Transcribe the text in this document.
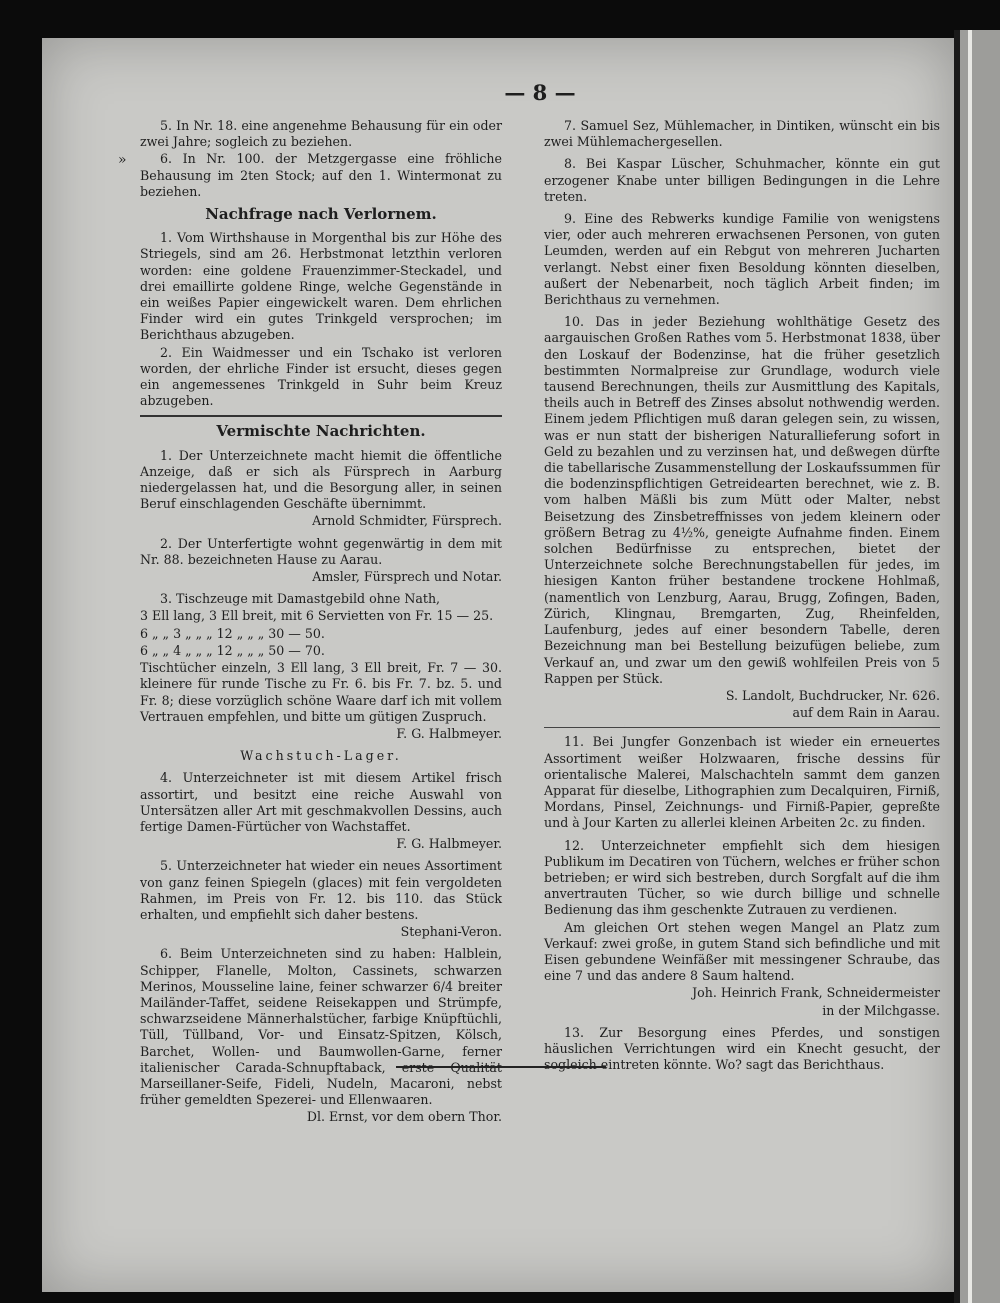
— 8 —
»

5. In Nr. 18. eine angenehme Behausung für ein oder zwei Jahre; sogleich zu beziehen.

6. In Nr. 100. der Metzgergasse eine fröhliche Behausung im 2ten Stock; auf den 1. Wintermonat zu beziehen.

Nachfrage nach Verlornem.

1. Vom Wirthshause in Morgenthal bis zur Höhe des Striegels, sind am 26. Herbstmonat letzthin verloren worden: eine goldene Frauenzimmer-Steckadel, und drei emaillirte goldene Ringe, welche Gegenstände in ein weißes Papier eingewickelt waren. Dem ehrlichen Finder wird ein gutes Trinkgeld versprochen; im Berichthaus abzugeben.

2. Ein Waidmesser und ein Tschako ist verloren worden, der ehrliche Finder ist ersucht, dieses gegen ein angemessenes Trinkgeld in Suhr beim Kreuz abzugeben.

Vermischte Nachrichten.

1. Der Unterzeichnete macht hiemit die öffentliche Anzeige, daß er sich als Fürsprech in Aarburg niedergelassen hat, und die Besorgung aller, in seinen Beruf einschlagenden Geschäfte übernimmt.

Arnold Schmidter, Fürsprech.

2. Der Unterfertigte wohnt gegenwärtig in dem mit Nr. 88. bezeichneten Hause zu Aarau.

Amsler, Fürsprech und Notar.

3. Tischzeuge mit Damastgebild ohne Nath,

3 Ell lang, 3 Ell breit, mit 6 Servietten von Fr. 15 — 25.

6 „ „ 3 „ „ „ 12 „ „ „ 30 — 50.

6 „ „ 4 „ „ „ 12 „ „ „ 50 — 70.

Tischtücher einzeln, 3 Ell lang, 3 Ell breit, Fr. 7 — 30. kleinere für runde Tische zu Fr. 6. bis Fr. 7. bz. 5. und Fr. 8; diese vorzüglich schöne Waare darf ich mit vollem Vertrauen empfehlen, und bitte um gütigen Zuspruch.

F. G. Halbmeyer.

Wachstuch-Lager.

4. Unterzeichneter ist mit diesem Artikel frisch assortirt, und besitzt eine reiche Auswahl von Untersätzen aller Art mit geschmakvollen Dessins, auch fertige Damen-Fürtücher von Wachstaffet.

F. G. Halbmeyer.

5. Unterzeichneter hat wieder ein neues Assortiment von ganz feinen Spiegeln (glaces) mit fein vergoldeten Rahmen, im Preis von Fr. 12. bis 110. das Stück erhalten, und empfiehlt sich daher bestens.

Stephani-Veron.

6. Beim Unterzeichneten sind zu haben: Halblein, Schipper, Flanelle, Molton, Cassinets, schwarzen Merinos, Mousseline laine, feiner schwarzer 6/4 breiter Mailänder-Taffet, seidene Reisekappen und Strümpfe, schwarzseidene Männerhalstücher, farbige Knüpftüchli, Tüll, Tüllband, Vor- und Einsatz-Spitzen, Kölsch, Barchet, Wollen- und Baumwollen-Garne, ferner italienischer Carada-Schnupftaback, erste Qualität Marseillaner-Seife, Fideli, Nudeln, Macaroni, nebst früher gemeldten Spezerei- und Ellenwaaren.

Dl. Ernst, vor dem obern Thor.

7. Samuel Sez, Mühlemacher, in Dintiken, wünscht ein bis zwei Mühlemachergesellen.

8. Bei Kaspar Lüscher, Schuhmacher, könnte ein gut erzogener Knabe unter billigen Bedingungen in die Lehre treten.

9. Eine des Rebwerks kundige Familie von wenigstens vier, oder auch mehreren erwachsenen Personen, von guten Leumden, werden auf ein Rebgut von mehreren Jucharten verlangt. Nebst einer fixen Besoldung könnten dieselben, außert der Nebenarbeit, noch täglich Arbeit finden; im Berichthaus zu vernehmen.

10. Das in jeder Beziehung wohlthätige Gesetz des aargauischen Großen Rathes vom 5. Herbstmonat 1838, über den Loskauf der Bodenzinse, hat die früher gesetzlich bestimmten Normalpreise zur Grundlage, wodurch viele tausend Berechnungen, theils zur Ausmittlung des Kapitals, theils auch in Betreff des Zinses absolut nothwendig werden. Einem jedem Pflichtigen muß daran gelegen sein, zu wissen, was er nun statt der bisherigen Naturallieferung sofort in Geld zu bezahlen und zu verzinsen hat, und deßwegen dürfte die tabellarische Zusammenstellung der Loskaufssummen für die bodenzinspflichtigen Getreidearten berechnet, wie z. B. vom halben Mäßli bis zum Mütt oder Malter, nebst Beisetzung des Zinsbetreffnisses von jedem kleinern oder größern Betrag zu 4½%, geneigte Aufnahme finden. Einem solchen Bedürfnisse zu entsprechen, bietet der Unterzeichnete solche Berechnungstabellen für jedes, im hiesigen Kanton früher bestandene trockene Hohlmaß, (namentlich von Lenzburg, Aarau, Brugg, Zofingen, Baden, Zürich, Klingnau, Bremgarten, Zug, Rheinfelden, Laufenburg, jedes auf einer besondern Tabelle, deren Bezeichnung man bei Bestellung beizufügen beliebe, zum Verkauf an, und zwar um den gewiß wohlfeilen Preis von 5 Rappen per Stück.

S. Landolt, Buchdrucker, Nr. 626.

auf dem Rain in Aarau.

11. Bei Jungfer Gonzenbach ist wieder ein erneuertes Assortiment weißer Holzwaaren, frische dessins für orientalische Malerei, Malschachteln sammt dem ganzen Apparat für dieselbe, Lithographien zum Decalquiren, Firniß, Mordans, Pinsel, Zeichnungs- und Firniß-Papier, gepreßte und à Jour Karten zu allerlei kleinen Arbeiten 2c. zu finden.

12. Unterzeichneter empfiehlt sich dem hiesigen Publikum im Decatiren von Tüchern, welches er früher schon betrieben; er wird sich bestreben, durch Sorgfalt auf die ihm anvertrauten Tücher, so wie durch billige und schnelle Bedienung das ihm geschenkte Zutrauen zu verdienen.

Am gleichen Ort stehen wegen Mangel an Platz zum Verkauf: zwei große, in gutem Stand sich befindliche und mit Eisen gebundene Weinfäßer mit messingener Schraube, das eine 7 und das andere 8 Saum haltend.

Joh. Heinrich Frank, Schneidermeister

in der Milchgasse.

13. Zur Besorgung eines Pferdes, und sonstigen häuslichen Verrichtungen wird ein Knecht gesucht, der sogleich eintreten könnte. Wo? sagt das Berichthaus.
